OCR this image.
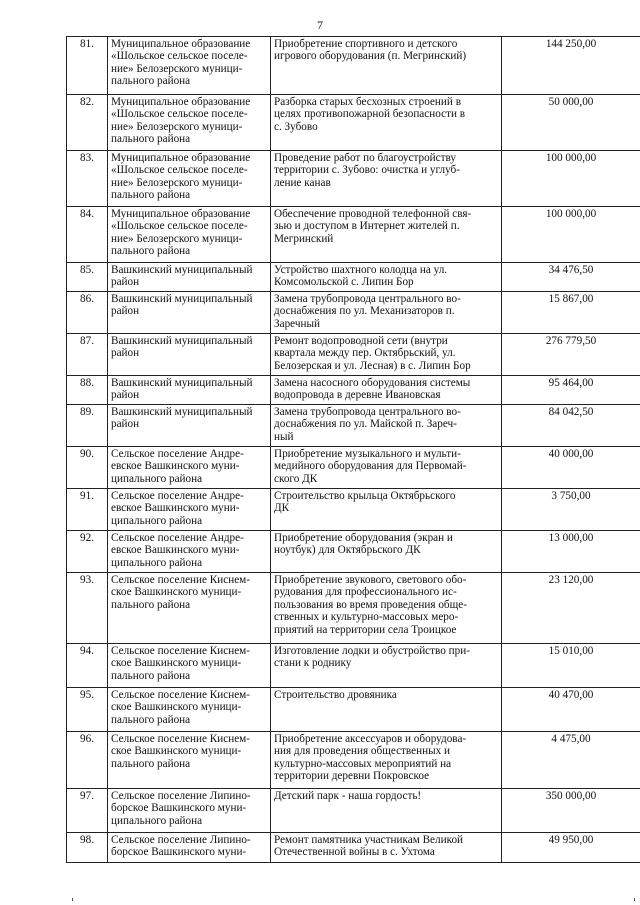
7
81.	Муниципальное образование
«Шольское сельское поселе-
ние» Белозерского муници-
пального района	Приобретение спортивного и детского
игрового оборудования (п. Мегринский)	144 250,00
82.	Муниципальное образование
«Шольское сельское поселе-
ние» Белозерского муници-
пального района	Разборка старых бесхозных строений в
целях противопожарной безопасности в
с. Зубово	50 000,00
83.	Муниципальное образование
«Шольское сельское поселе-
ние» Белозерского муници-
пального района	Проведение работ по благоустройству
территории с. Зубово: очистка и углуб-
ление канав	100 000,00
84.	Муниципальное образование
«Шольское сельское поселе-
ние» Белозерского муници-
пального района	Обеспечение проводной телефонной свя-
зью и доступом в Интернет жителей п.
Мегринский	100 000,00
85.	Вашкинский муниципальный
район	Устройство шахтного колодца на ул.
Комсомольской с. Липин Бор	34 476,50
86.	Вашкинский муниципальный
район	Замена трубопровода центрального во-
доснабжения по ул. Механизаторов п.
Заречный	15 867,00
87.	Вашкинский муниципальный
район	Ремонт водопроводной сети (внутри
квартала между пер. Октябрьский, ул.
Белозерская и ул. Лесная) в с. Липин Бор	276 779,50
88.	Вашкинский муниципальный
район	Замена насосного оборудования системы
водопровода в деревне Ивановская	95 464,00
89.	Вашкинский муниципальный
район	Замена трубопровода центрального во-
доснабжения по ул. Майской п. Зареч-
ный	84 042,50
90.	Сельское поселение Андре-
евское Вашкинского муни-
ципального района	Приобретение музыкального и мульти-
медийного оборудования для Первомай-
ского ДК	40 000,00
91.	Сельское поселение Андре-
евское Вашкинского муни-
ципального района	Строительство крыльца Октябрьского
ДК	3 750,00
92.	Сельское поселение Андре-
евское Вашкинского муни-
ципального района	Приобретение оборудования (экран и
ноутбук) для Октябрьского ДК	13 000,00
93.	Сельское поселение Киснем-
ское Вашкинского муници-
пального района	Приобретение звукового, светового обо-
рудования для профессионального ис-
пользования во время проведения обще-
ственных и культурно-массовых меро-
приятий на территории села Троицкое	23 120,00
94.	Сельское поселение Киснем-
ское Вашкинского муници-
пального района	Изготовление лодки и обустройство при-
стани к роднику	15 010,00
95.	Сельское поселение Киснем-
ское Вашкинского муници-
пального района	Строительство дровяника	40 470,00
96.	Сельское поселение Киснем-
ское Вашкинского муници-
пального района	Приобретение аксессуаров и оборудова-
ния для проведения общественных и
культурно-массовых мероприятий на
территории деревни Покровское	4 475,00
97.	Сельское поселение Липино-
борское Вашкинского муни-
ципального района	Детский парк - наша гордость!	350 000,00
98.	Сельское поселение Липино-
борское Вашкинского муни-	Ремонт памятника участникам Великой
Отечественной войны в с. Ухтома	49 950,00
